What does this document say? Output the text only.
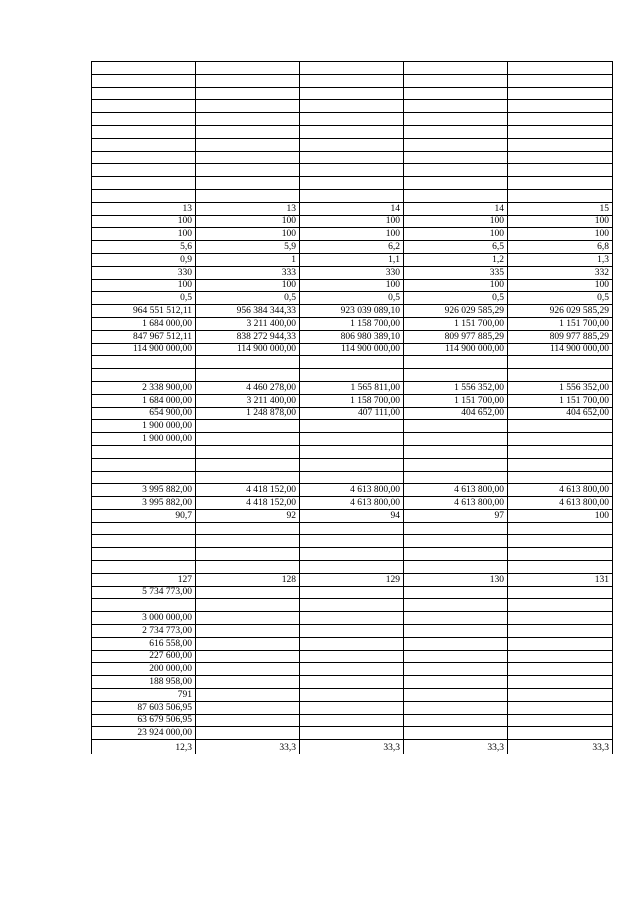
13	13	14	14	15
100	100	100	100	100
100	100	100	100	100
5,6	5,9	6,2	6,5	6,8
0,9	1	1,1	1,2	1,3
330	333	330	335	332
100	100	100	100	100
0,5	0,5	0,5	0,5	0,5
964 551 512,11	956 384 344,33	923 039 089,10	926 029 585,29	926 029 585,29
1 684 000,00	3 211 400,00	1 158 700,00	1 151 700,00	1 151 700,00
847 967 512,11	838 272 944,33	806 980 389,10	809 977 885,29	809 977 885,29
114 900 000,00	114 900 000,00	114 900 000,00	114 900 000,00	114 900 000,00

2 338 900,00	4 460 278,00	1 565 811,00	1 556 352,00	1 556 352,00
1 684 000,00	3 211 400,00	1 158 700,00	1 151 700,00	1 151 700,00
654 900,00	1 248 878,00	407 111,00	404 652,00	404 652,00
1 900 000,00				
1 900 000,00				

3 995 882,00	4 418 152,00	4 613 800,00	4 613 800,00	4 613 800,00
3 995 882,00	4 418 152,00	4 613 800,00	4 613 800,00	4 613 800,00
90,7	92	94	97	100

127	128	129	130	131
5 734 773,00				

3 000 000,00				
2 734 773,00				
616 558,00				
227 600,00				
200 000,00				
188 958,00				
791				
87 603 506,95				
63 679 506,95				
23 924 000,00				
12,3	33,3	33,3	33,3	33,3
